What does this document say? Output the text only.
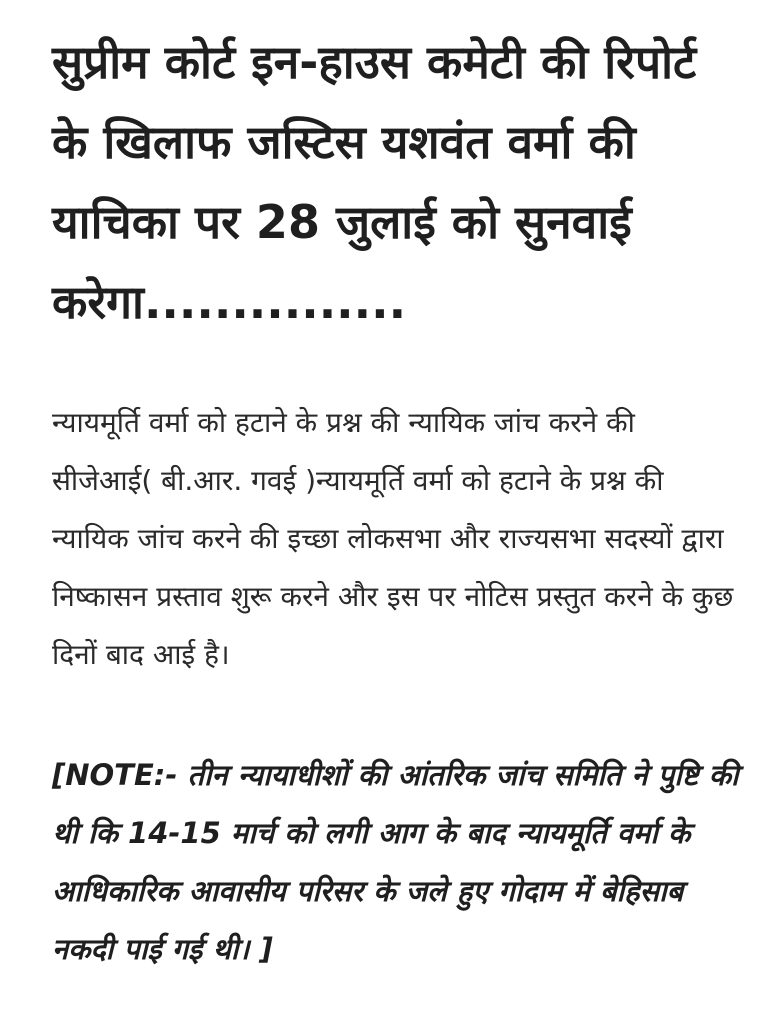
सुप्रीम कोर्ट इन-हाउस कमेटी की रिपोर्ट के खिलाफ जस्टिस यशवंत वर्मा की याचिका पर 28 जुलाई को सुनवाई करेगा...............

न्यायमूर्ति वर्मा को हटाने के प्रश्न की न्यायिक जांच करने की सीजेआई( बी.आर. गवई )न्यायमूर्ति वर्मा को हटाने के प्रश्न की न्यायिक जांच करने की इच्छा लोकसभा और राज्यसभा सदस्यों द्वारा निष्कासन प्रस्ताव शुरू करने और इस पर नोटिस प्रस्तुत करने के कुछ दिनों बाद आई है।

[NOTE:- तीन न्यायाधीशों की आंतरिक जांच समिति ने पुष्टि की थी कि 14-15 मार्च को लगी आग के बाद न्यायमूर्ति वर्मा के आधिकारिक आवासीय परिसर के जले हुए गोदाम में बेहिसाब नकदी पाई गई थी। ]
